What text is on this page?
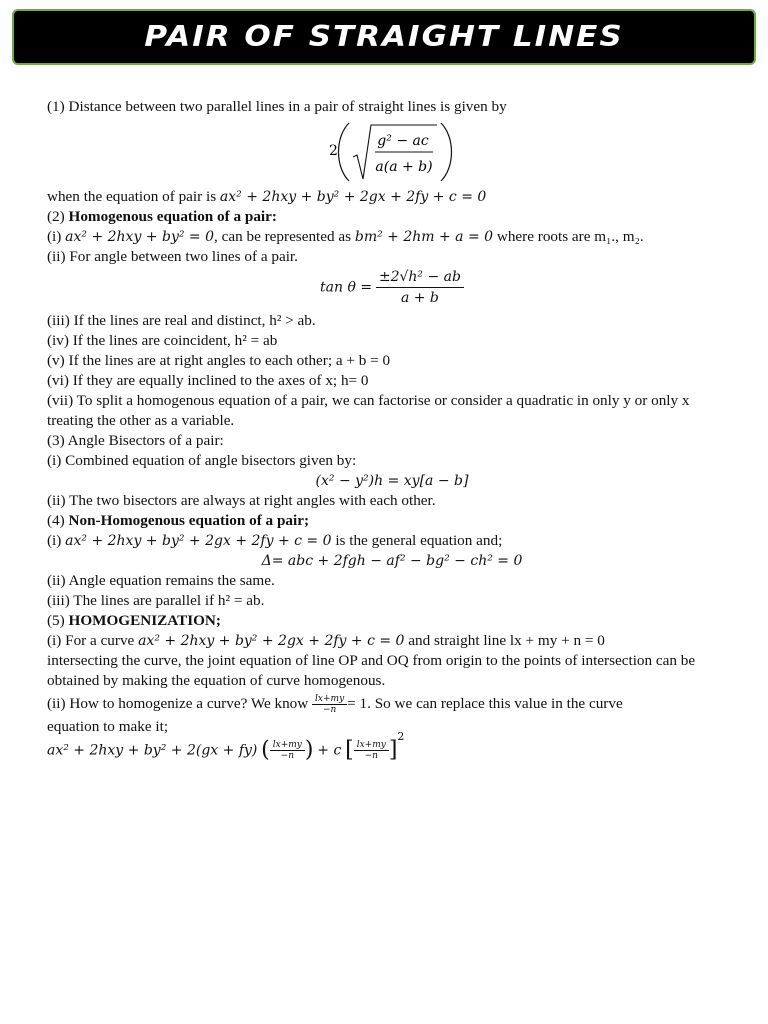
PAIR OF STRAIGHT LINES
(1) Distance between two parallel lines in a pair of straight lines is given by
2
g² − ac
a(a + b)
when the equation of pair is ax² + 2hxy + by² + 2gx + 2fy + c = 0
(2) Homogenous equation of a pair:
(i) ax² + 2hxy + by² = 0, can be represented as bm² + 2hm + a = 0 where roots are m₁., m₂.
(ii) For angle between two lines of a pair.
$\tan \theta = \frac{\text{±2√h² − ab}}{a + b}$
(iii) If the lines are real and distinct, h² > ab.
(iv) If the lines are coincident, h² = ab
(v) If the lines are at right angles to each other; a + b = 0
(vi) If they are equally inclined to the axes of x; h= 0
(vii) To split a homogenous equation of a pair, we can factorise or consider a quadratic in only y or only x treating the other as a variable.
(3) Angle Bisectors of a pair:
(i) Combined equation of angle bisectors given by:
(x² − y²)h = xy[a − b]
(ii) The two bisectors are always at right angles with each other.
(4) Non-Homogenous equation of a pair;
(i) ax² + 2hxy + by² + 2gx + 2fy + c = 0 is the general equation and;
Δ= abc + 2fgh − af² − bg² − ch² = 0
(ii) Angle equation remains the same.
(iii) The lines are parallel if h² = ab.
(5) HOMOGENIZATION;
(i) For a curve ax² + 2hxy + by² + 2gx + 2fy + c = 0 and straight line lx + my + n = 0
intersecting the curve, the joint equation of line OP and OQ from origin to the points of intersection can be obtained by making the equation of curve homogenous.
(ii) How to homogenize a curve? We know $\frac{lx+my}{-n} = 1$. So we can replace this value in the curve
equation to make it;
ax² + 2hxy + by² + 2(gx + fy) ( $\frac{lx+my}{-n}$ ) + c [ $\frac{lx+my}{-n} ]^2$
